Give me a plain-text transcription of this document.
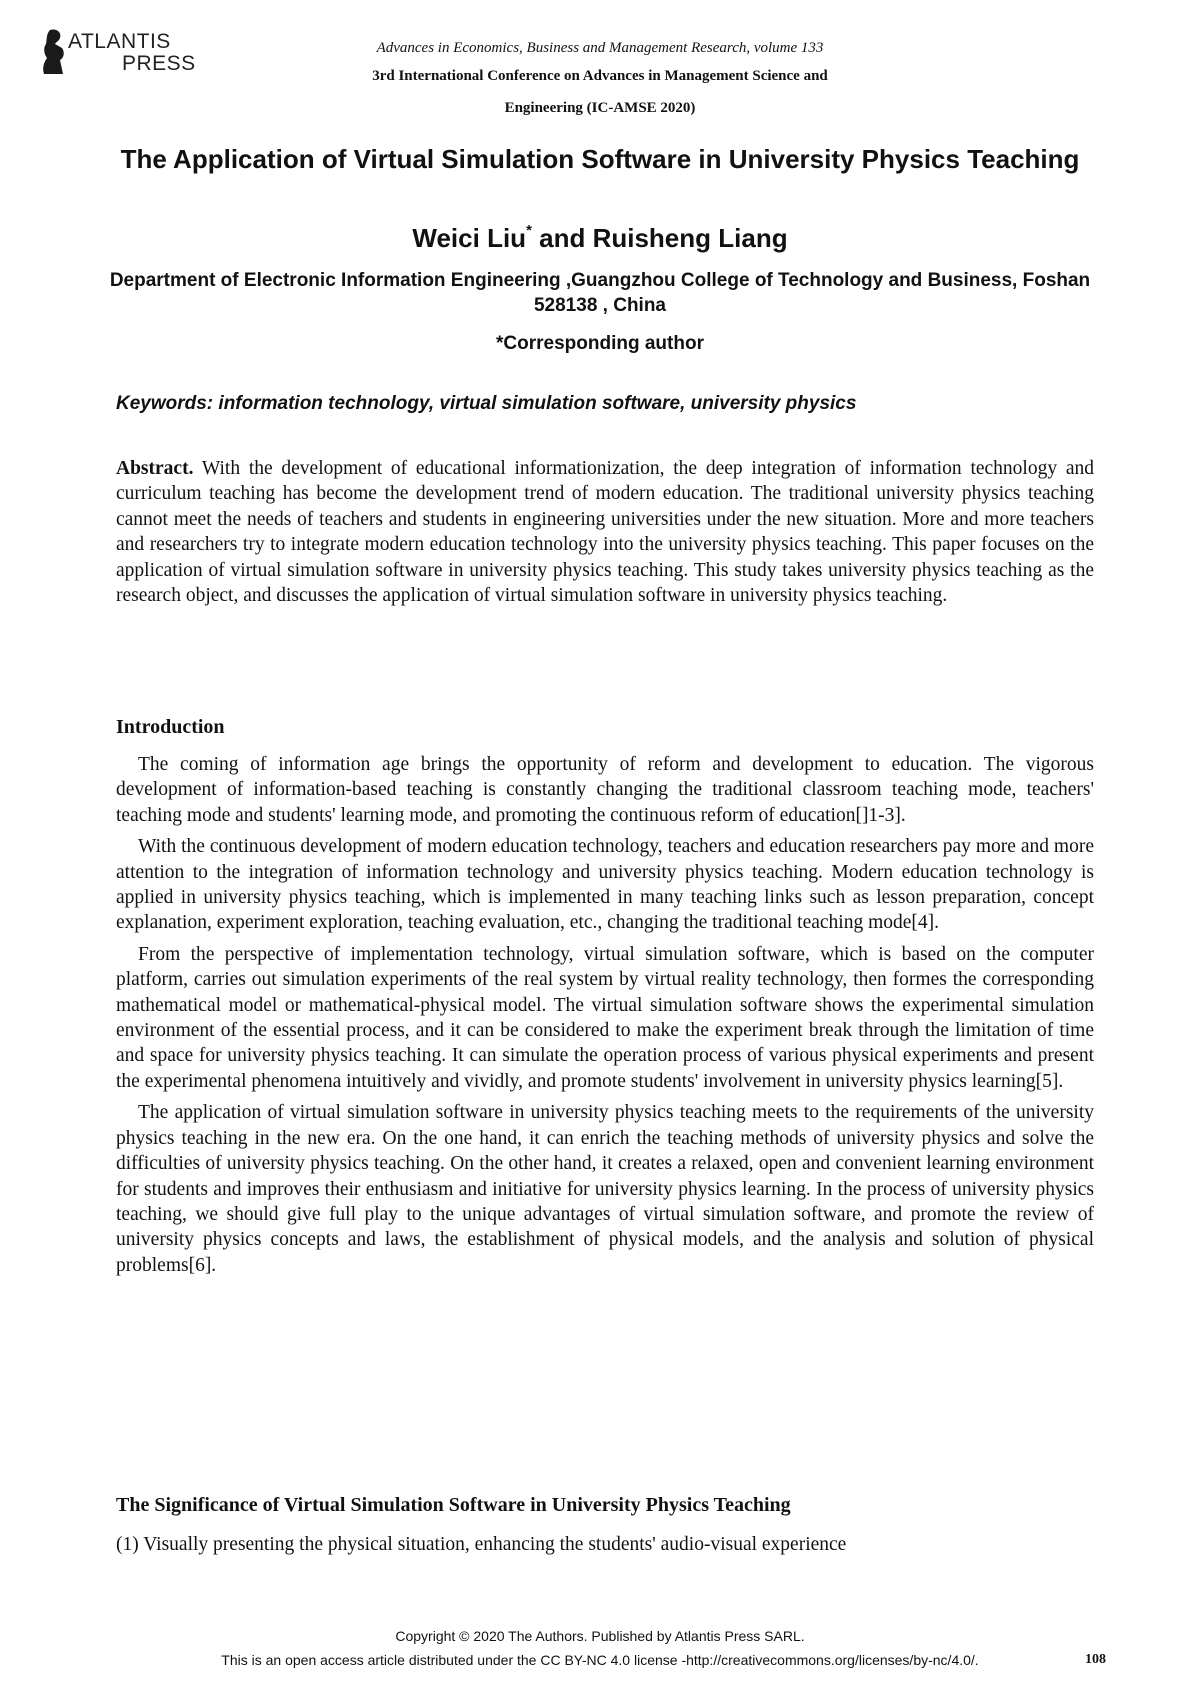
ATLANTIS
PRESS
Advances in Economics, Business and Management Research, volume 133
3rd International Conference on Advances in Management Science and
Engineering (IC-AMSE 2020)
The Application of Virtual Simulation Software in University Physics Teaching
Weici Liu* and Ruisheng Liang
Department of Electronic Information Engineering ,Guangzhou College of Technology and Business, Foshan 528138 , China
*Corresponding author
Keywords: information technology, virtual simulation software, university physics

Abstract. With the development of educational informationization, the deep integration of information technology and curriculum teaching has become the development trend of modern education. The traditional university physics teaching cannot meet the needs of teachers and students in engineering universities under the new situation. More and more teachers and researchers try to integrate modern education technology into the university physics teaching. This paper focuses on the application of virtual simulation software in university physics teaching. This study takes university physics teaching as the research object, and discusses the application of virtual simulation software in university physics teaching.

Introduction

The coming of information age brings the opportunity of reform and development to education. The vigorous development of information-based teaching is constantly changing the traditional classroom teaching mode, teachers' teaching mode and students' learning mode, and promoting the continuous reform of education[]1-3].

With the continuous development of modern education technology, teachers and education researchers pay more and more attention to the integration of information technology and university physics teaching. Modern education technology is applied in university physics teaching, which is implemented in many teaching links such as lesson preparation, concept explanation, experiment exploration, teaching evaluation, etc., changing the traditional teaching mode[4].

From the perspective of implementation technology, virtual simulation software, which is based on the computer platform, carries out simulation experiments of the real system by virtual reality technology, then formes the corresponding mathematical model or mathematical-physical model. The virtual simulation software shows the experimental simulation environment of the essential process, and it can be considered to make the experiment break through the limitation of time and space for university physics teaching. It can simulate the operation process of various physical experiments and present the experimental phenomena intuitively and vividly, and promote students' involvement in university physics learning[5].

The application of virtual simulation software in university physics teaching meets to the requirements of the university physics teaching in the new era. On the one hand, it can enrich the teaching methods of university physics and solve the difficulties of university physics teaching. On the other hand, it creates a relaxed, open and convenient learning environment for students and improves their enthusiasm and initiative for university physics learning. In the process of university physics teaching, we should give full play to the unique advantages of virtual simulation software, and promote the review of university physics concepts and laws, the establishment of physical models, and the analysis and solution of physical problems[6].

The Significance of Virtual Simulation Software in University Physics Teaching
(1) Visually presenting the physical situation, enhancing the students' audio-visual experience
Copyright © 2020 The Authors. Published by Atlantis Press SARL.
This is an open access article distributed under the CC BY-NC 4.0 license -http://creativecommons.org/licenses/by-nc/4.0/.	108
